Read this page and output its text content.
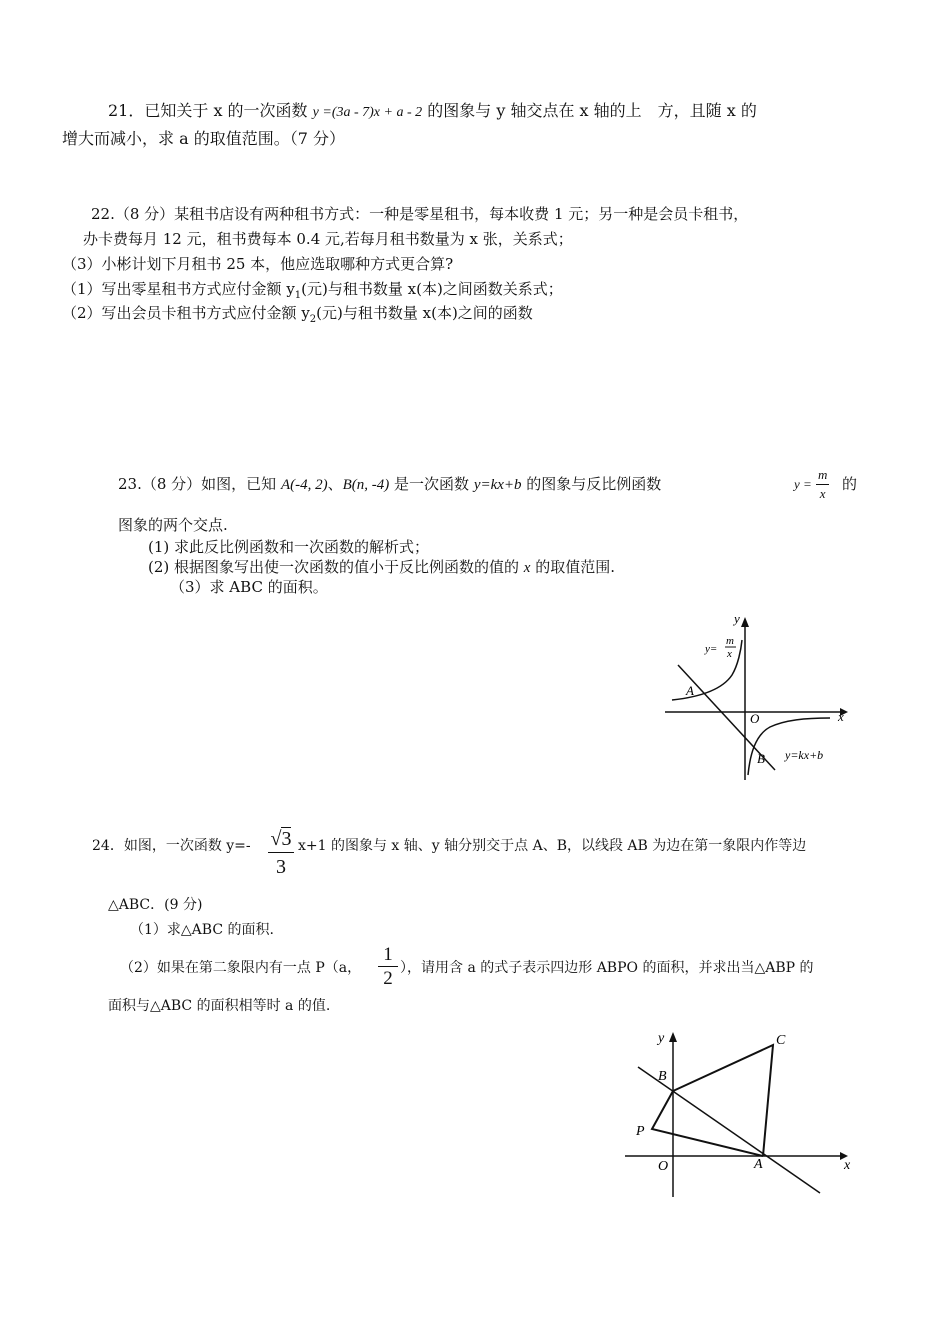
21．已知关于 x 的一次函数 y =(3a - 7)x + a - 2 的图象与 y 轴交点在 x 轴的上　方，且随 x 的
增大而减小，求 a 的取值范围。（7 分）
22.（8 分）某租书店设有两种租书方式：一种是零星租书，每本收费 1 元；另一种是会员卡租书，
办卡费每月 12 元，租书费每本 0.4 元,若每月租书数量为 x 张，关系式；
（3）小彬计划下月租书 25 本，他应选取哪种方式更合算?
（1）写出零星租书方式应付金额 $y_1$(元)与租书数量 x(本)之间函数关系式；
（2）写出会员卡租书方式应付金额 $y_2$(元)与租书数量 x(本)之间的函数
23.（8 分）如图，已知 A(-4, 2)、B(n, -4) 是一次函数 y=kx+b 的图象与反比例函数	$y = \frac{m}{x}$ 的
图象的两个交点.
(1) 求此反比例函数和一次函数的解析式；
(2) 根据图象写出使一次函数的值小于反比例函数的值的 x 的取值范围.
（3）求 ABC 的面积。
y
x
O
A
B
y=
m
x
y=kx+b
24．如图，一次函数 $y=- \frac{√3}{3} x+1$ 的图象与 x 轴、y 轴分别交于点 A、B，以线段 AB 为边在第一象限内作等边
△ABC．(9 分)
（1）求△ABC 的面积.
（2）如果在第二象限内有一点 P（a， $\frac{1}{2}$ ），请用含 a 的式子表示四边形 ABPO 的面积，并求出当△ABP 的
面积与△ABC 的面积相等时 a 的值.
y
x
O	A
B
C
P
